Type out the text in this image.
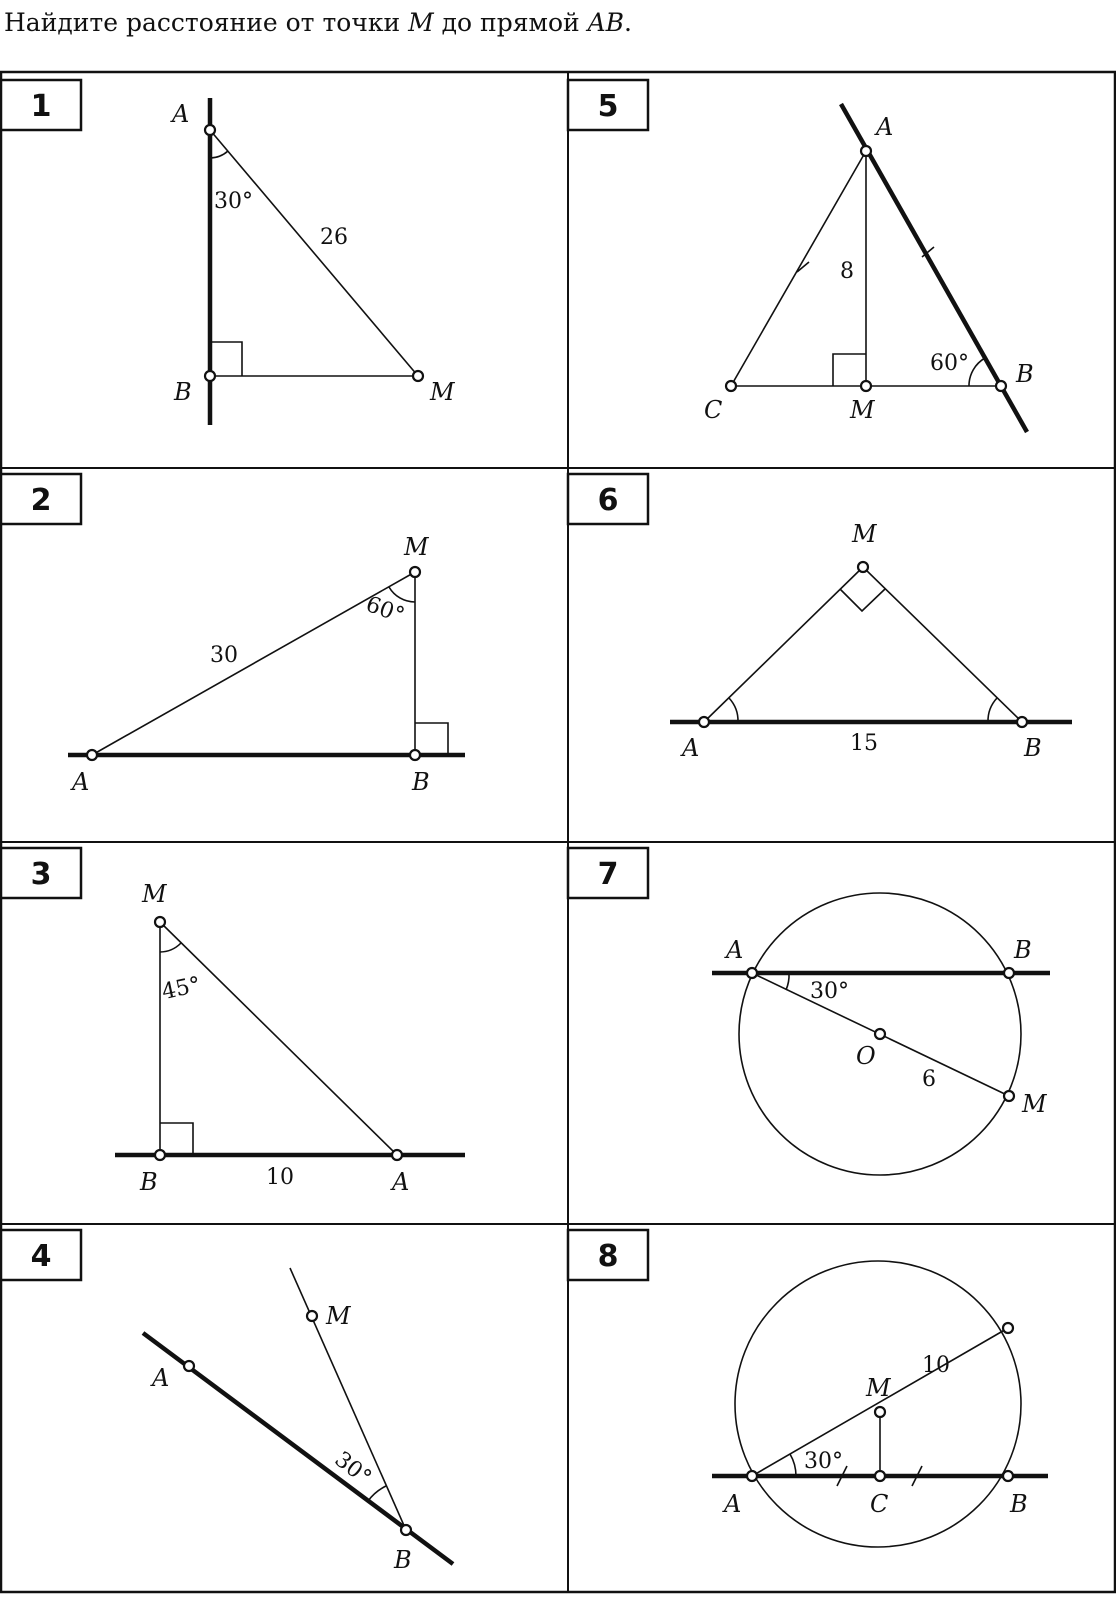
Найдите расстояние от точки M до прямой AB.
1	A
B	M
30°
26
2
A	B
M
60°
30
3
M
B	A
45°
10
4
A
M
B
30°
5
A
C	M
B
8
60°
6
A
M
B
15
7
A	B
O
M
30°
6
8
A	C	B
M
30°
10
